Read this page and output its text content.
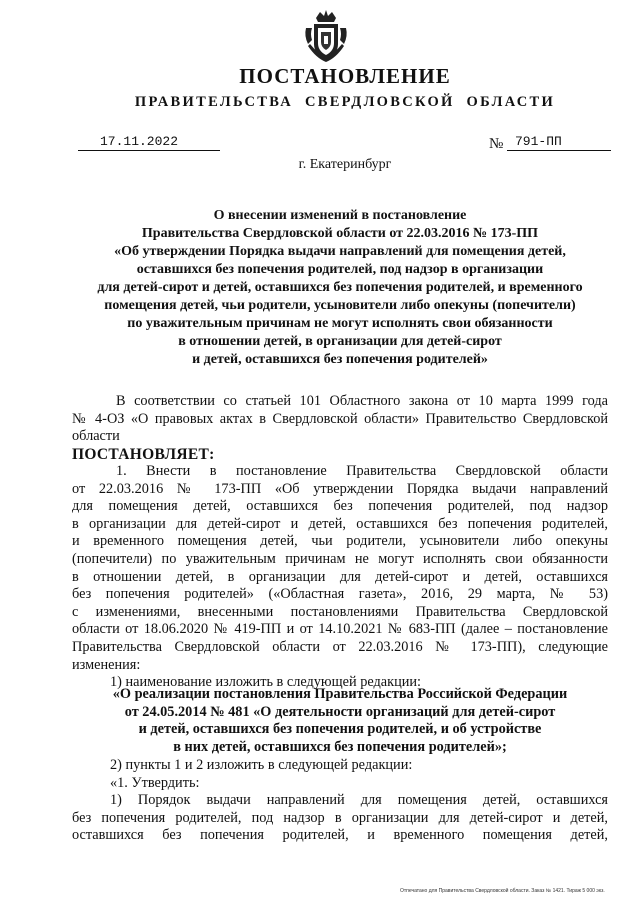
ПОСТАНОВЛЕНИЕ
ПРАВИТЕЛЬСТВА СВЕРДЛОВСКОЙ ОБЛАСТИ
17.11.2022	№ 791-ПП
г. Екатеринбург
О внесении изменений в постановление
Правительства Свердловской области от 22.03.2016 № 173-ПП
«Об утверждении Порядка выдачи направлений для помещения детей,
оставшихся без попечения родителей, под надзор в организации
для детей-сирот и детей, оставшихся без попечения родителей, и временного
помещения детей, чьи родители, усыновители либо опекуны (попечители)
по уважительным причинам не могут исполнять свои обязанности
в отношении детей, в организации для детей-сирот
и детей, оставшихся без попечения родителей»
В соответствии со статьей 101 Областного закона от 10 марта 1999 года
№ 4-ОЗ «О правовых актах в Свердловской области» Правительство Свердловской
области
ПОСТАНОВЛЯЕТ:
1. Внести в постановление Правительства Свердловской области
от 22.03.2016 № 173-ПП «Об утверждении Порядка выдачи направлений
для помещения детей, оставшихся без попечения родителей, под надзор
в организации для детей-сирот и детей, оставшихся без попечения родителей,
и временного помещения детей, чьи родители, усыновители либо опекуны
(попечители) по уважительным причинам не могут исполнять свои обязанности
в отношении детей, в организации для детей-сирот и детей, оставшихся
без попечения родителей» («Областная газета», 2016, 29 марта, № 53)
с изменениями, внесенными постановлениями Правительства Свердловской
области от 18.06.2020 № 419-ПП и от 14.10.2021 № 683-ПП (далее – постановление
Правительства Свердловской области от 22.03.2016 № 173-ПП), следующие
изменения:
1) наименование изложить в следующей редакции:
«О реализации постановления Правительства Российской Федерации
от 24.05.2014 № 481 «О деятельности организаций для детей-сирот
и детей, оставшихся без попечения родителей, и об устройстве
в них детей, оставшихся без попечения родителей»;
2) пункты 1 и 2 изложить в следующей редакции:
«1. Утвердить:
1) Порядок выдачи направлений для помещения детей, оставшихся
без попечения родителей, под надзор в организации для детей-сирот и детей,
оставшихся без попечения родителей, и временного помещения детей,
Отпечатано для Правительства Свердловской области. Заказ № 1421. Тираж 5 000 экз.
